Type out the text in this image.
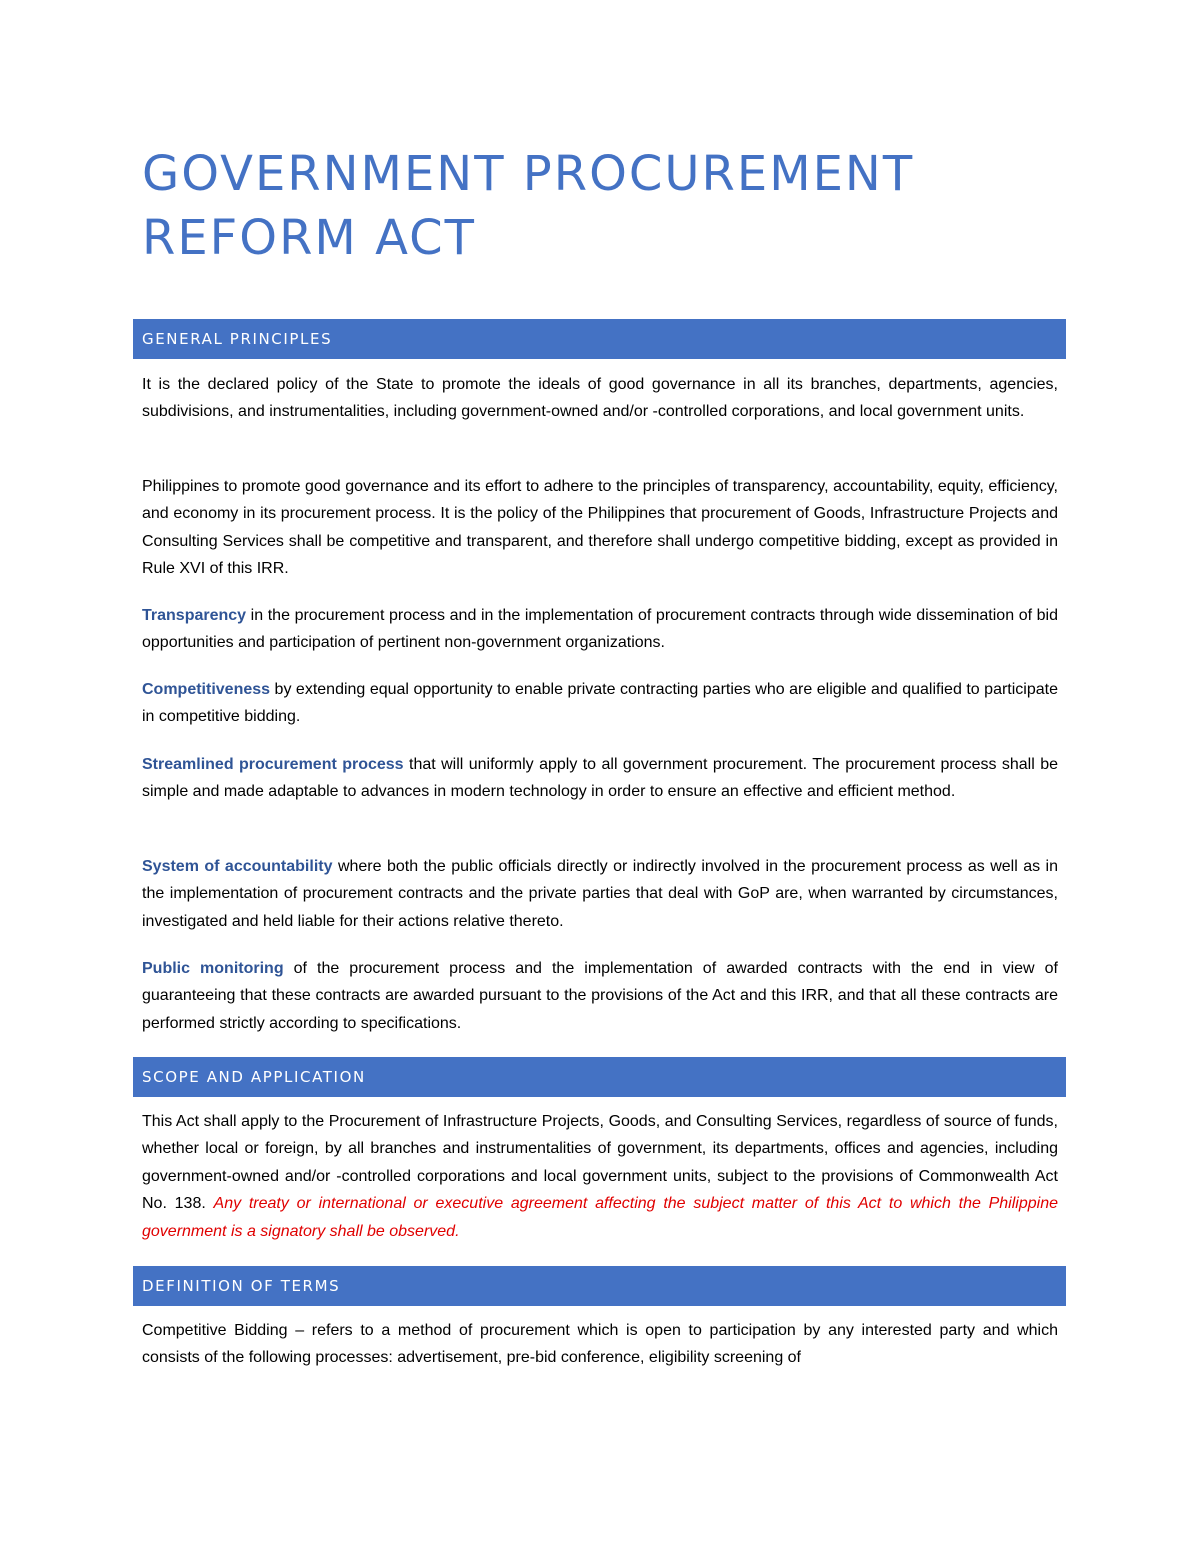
GOVERNMENT PROCUREMENT REFORM ACT
GENERAL PRINCIPLES

It is the declared policy of the State to promote the ideals of good governance in all its branches, departments, agencies, subdivisions, and instrumentalities, including government-owned and/or -controlled corporations, and local government units.

Philippines to promote good governance and its effort to adhere to the principles of transparency, accountability, equity, efficiency, and economy in its procurement process. It is the policy of the Philippines that procurement of Goods, Infrastructure Projects and Consulting Services shall be competitive and transparent, and therefore shall undergo competitive bidding, except as provided in Rule XVI of this IRR.

Transparency in the procurement process and in the implementation of procurement contracts through wide dissemination of bid opportunities and participation of pertinent non-government organizations.

Competitiveness by extending equal opportunity to enable private contracting parties who are eligible and qualified to participate in competitive bidding.

Streamlined procurement process that will uniformly apply to all government procurement. The procurement process shall be simple and made adaptable to advances in modern technology in order to ensure an effective and efficient method.

System of accountability where both the public officials directly or indirectly involved in the procurement process as well as in the implementation of procurement contracts and the private parties that deal with GoP are, when warranted by circumstances, investigated and held liable for their actions relative thereto.

Public monitoring of the procurement process and the implementation of awarded contracts with the end in view of guaranteeing that these contracts are awarded pursuant to the provisions of the Act and this IRR, and that all these contracts are performed strictly according to specifications.

SCOPE AND APPLICATION

This Act shall apply to the Procurement of Infrastructure Projects, Goods, and Consulting Services, regardless of source of funds, whether local or foreign, by all branches and instrumentalities of government, its departments, offices and agencies, including government-owned and/or -controlled corporations and local government units, subject to the provisions of Commonwealth Act No. 138. Any treaty or international or executive agreement affecting the subject matter of this Act to which the Philippine government is a signatory shall be observed.

DEFINITION OF TERMS

Competitive Bidding – refers to a method of procurement which is open to participation by any interested party and which consists of the following processes: advertisement, pre-bid conference, eligibility screening of
